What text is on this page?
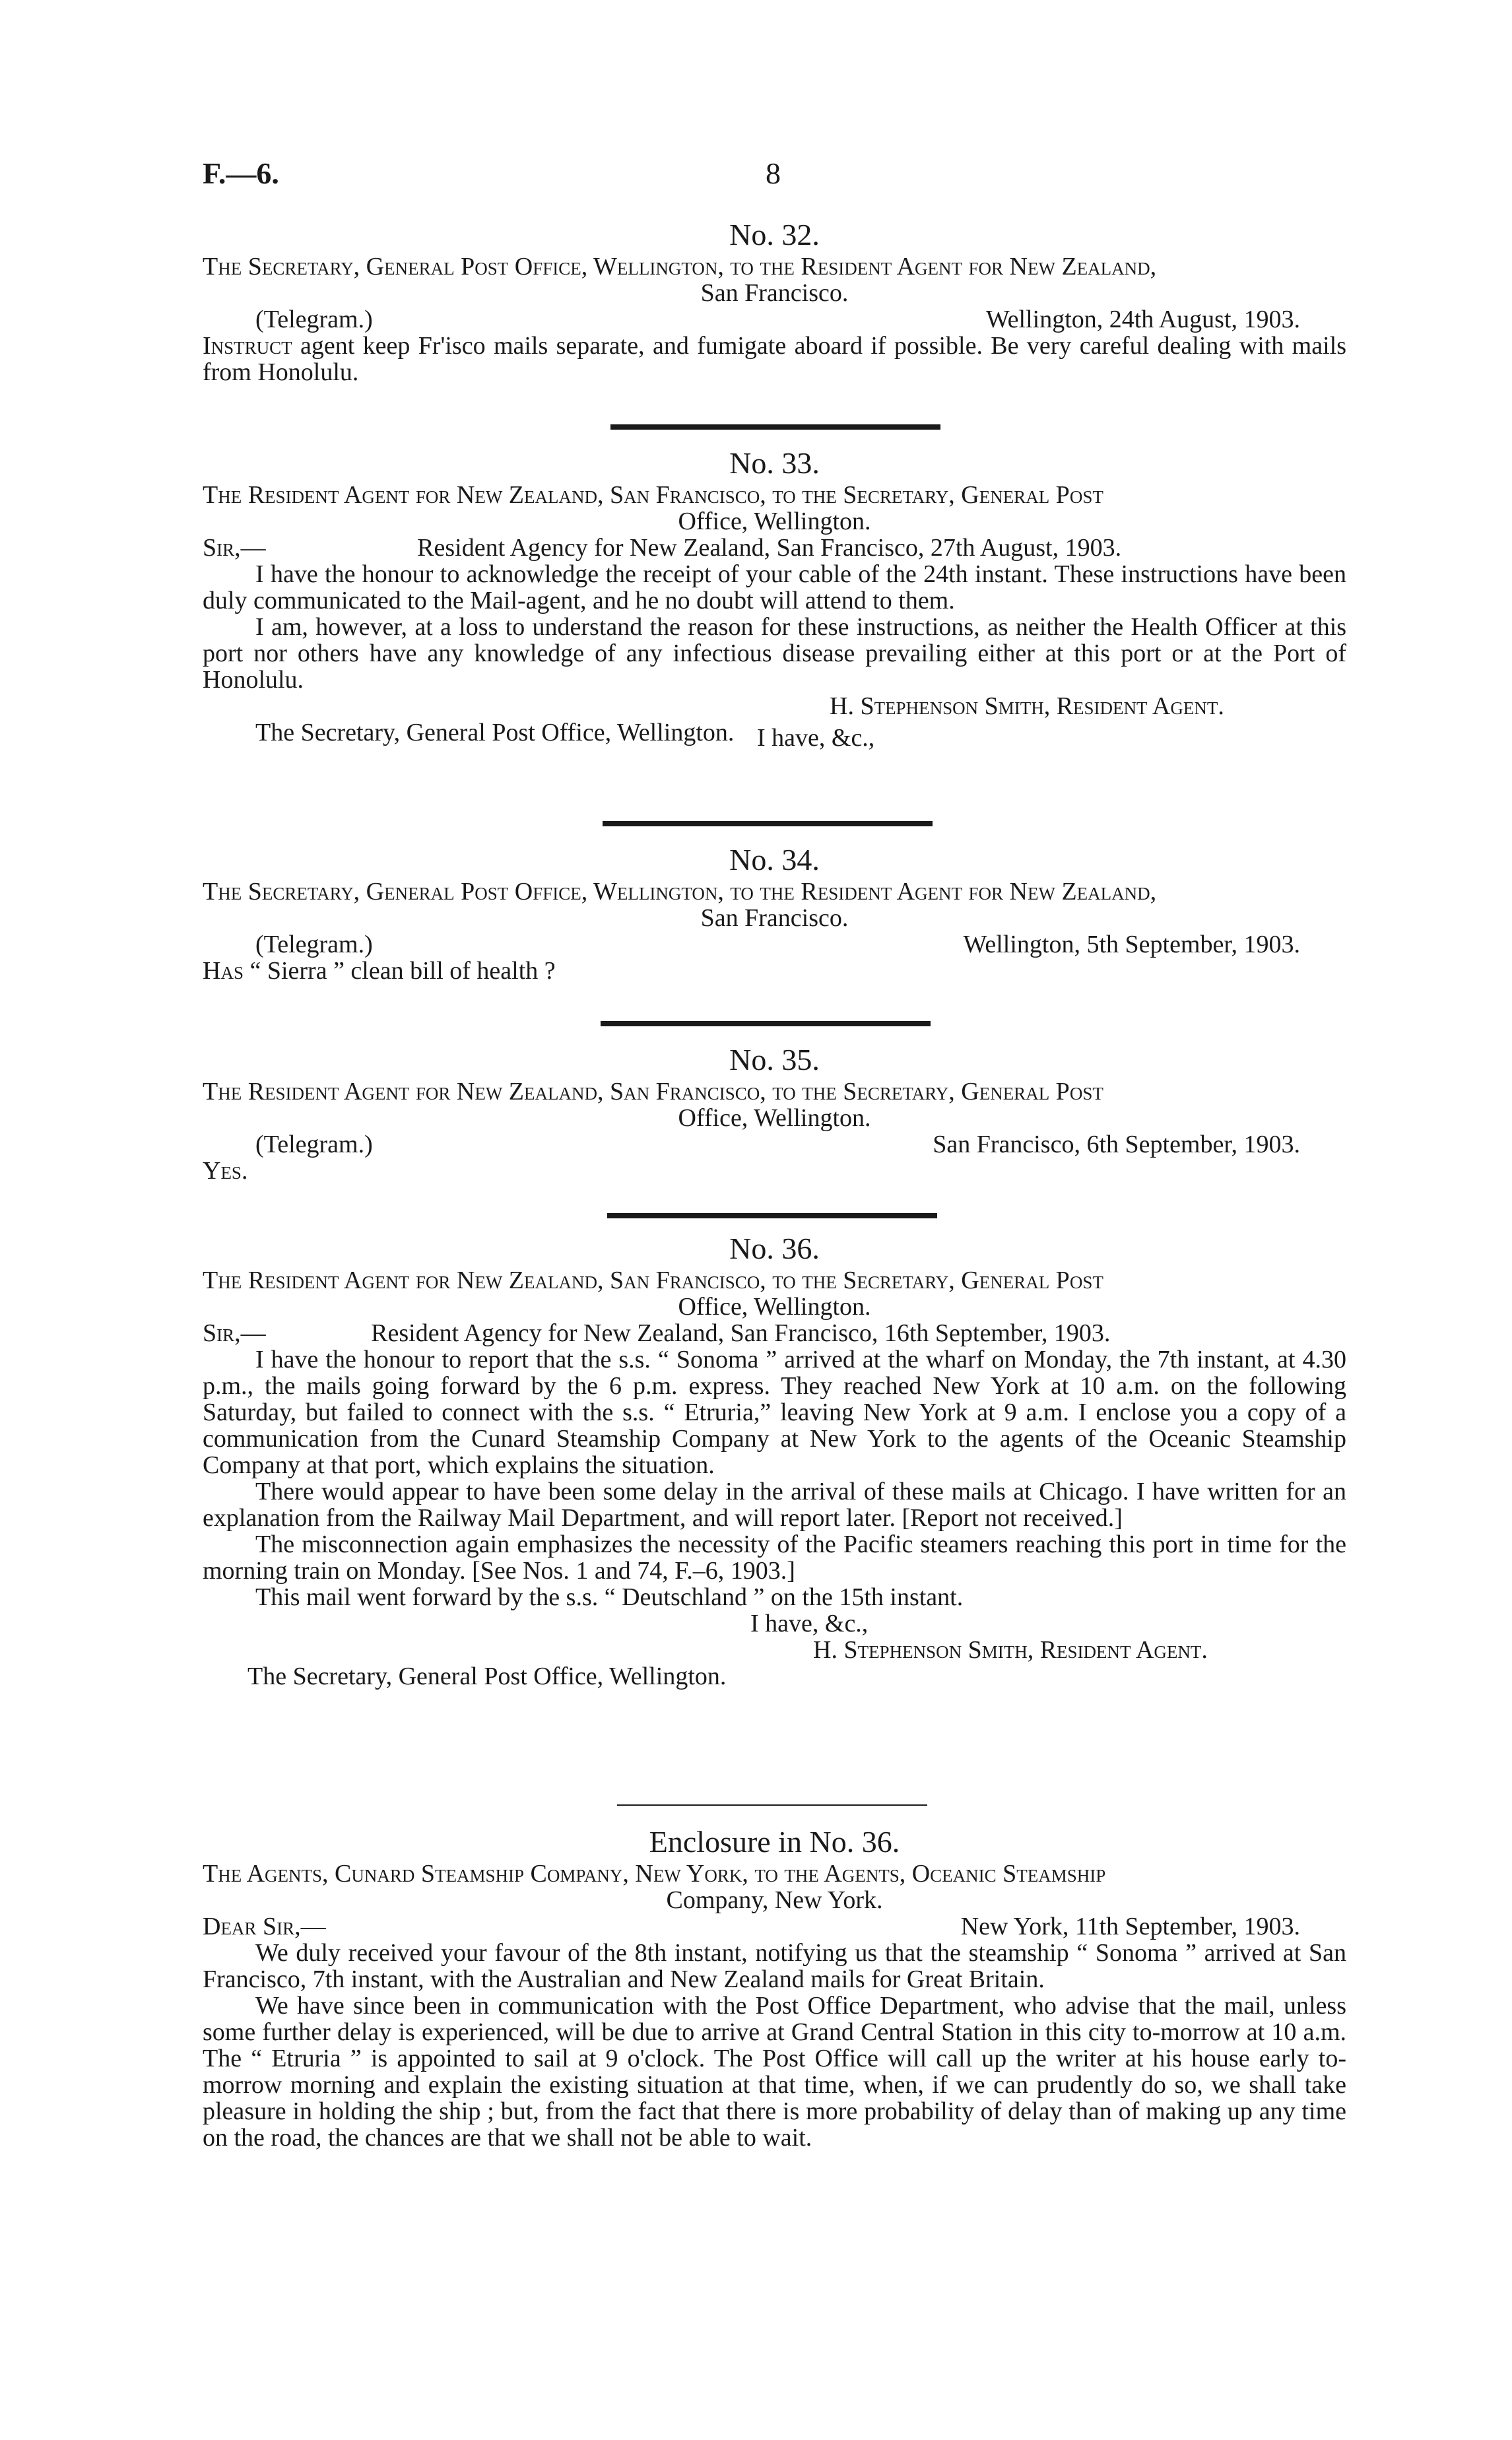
F.—6.	8
No. 32.
The Secretary, General Post Office, Wellington, to the Resident Agent for New Zealand,
San Francisco.
(Telegram.)	Wellington, 24th August, 1903.
Instruct agent keep Fr'isco mails separate, and fumigate aboard if possible. Be very careful dealing with mails from Honolulu.
No. 33.
The Resident Agent for New Zealand, San Francisco, to the Secretary, General Post
Office, Wellington.
Sir,—	Resident Agency for New Zealand, San Francisco, 27th August, 1903.
I have the honour to acknowledge the receipt of your cable of the 24th instant. These instructions have been duly communicated to the Mail-agent, and he no doubt will attend to them.
I am, however, at a loss to understand the reason for these instructions, as neither the Health Officer at this port nor others have any knowledge of any infectious disease prevailing either at this port or at the Port of Honolulu.
I have, &c.,
H. Stephenson Smith, Resident Agent.
The Secretary, General Post Office, Wellington.
No. 34.
The Secretary, General Post Office, Wellington, to the Resident Agent for New Zealand,
San Francisco.
(Telegram.)	Wellington, 5th September, 1903.
Has “ Sierra ” clean bill of health ?
No. 35.
The Resident Agent for New Zealand, San Francisco, to the Secretary, General Post
Office, Wellington.
(Telegram.)	San Francisco, 6th September, 1903.
Yes.
No. 36.
The Resident Agent for New Zealand, San Francisco, to the Secretary, General Post
Office, Wellington.
Sir,—	Resident Agency for New Zealand, San Francisco, 16th September, 1903.
I have the honour to report that the s.s. “ Sonoma ” arrived at the wharf on Monday, the 7th instant, at 4.30 p.m., the mails going forward by the 6 p.m. express. They reached New York at 10 a.m. on the following Saturday, but failed to connect with the s.s. “ Etruria,” leaving New York at 9 a.m. I enclose you a copy of a communication from the Cunard Steamship Company at New York to the agents of the Oceanic Steamship Company at that port, which explains the situation.
There would appear to have been some delay in the arrival of these mails at Chicago. I have written for an explanation from the Railway Mail Department, and will report later. [Report not received.]
The misconnection again emphasizes the necessity of the Pacific steamers reaching this port in time for the morning train on Monday. [See Nos. 1 and 74, F.–6, 1903.]
This mail went forward by the s.s. “ Deutschland ” on the 15th instant.
I have, &c.,
H. Stephenson Smith, Resident Agent.
The Secretary, General Post Office, Wellington.
Enclosure in No. 36.
The Agents, Cunard Steamship Company, New York, to the Agents, Oceanic Steamship
Company, New York.
Dear Sir,—	New York, 11th September, 1903.
We duly received your favour of the 8th instant, notifying us that the steamship “ Sonoma ” arrived at San Francisco, 7th instant, with the Australian and New Zealand mails for Great Britain.
We have since been in communication with the Post Office Department, who advise that the mail, unless some further delay is experienced, will be due to arrive at Grand Central Station in this city to-morrow at 10 a.m. The “ Etruria ” is appointed to sail at 9 o'clock. The Post Office will call up the writer at his house early to-morrow morning and explain the existing situation at that time, when, if we can prudently do so, we shall take pleasure in holding the ship ; but, from the fact that there is more probability of delay than of making up any time on the road, the chances are that we shall not be able to wait.
